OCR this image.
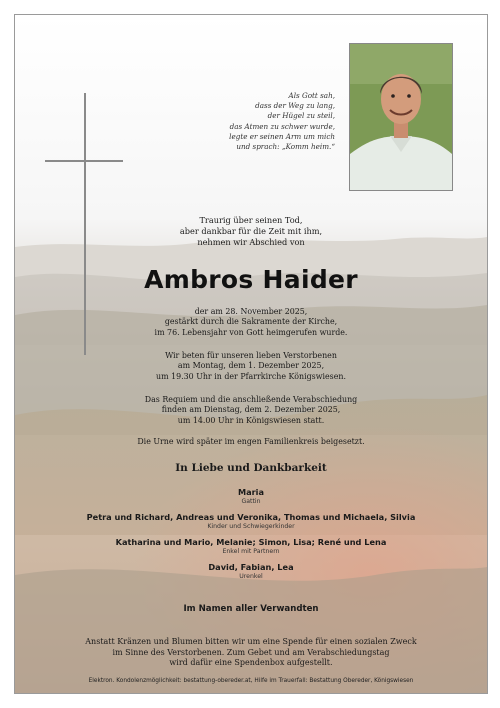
Als Gott sah,
dass der Weg zu lang,
der Hügel zu steil,
das Atmen zu schwer wurde,
legte er seinen Arm um mich
und sprach: „Komm heim.“
Traurig über seinen Tod,
aber dankbar für die Zeit mit ihm,
nehmen wir Abschied von
Ambros Haider
der am 28. November 2025,
gestärkt durch die Sakramente der Kirche,
im 76. Lebensjahr von Gott heimgerufen wurde.
Wir beten für unseren lieben Verstorbenen
am Montag, dem 1. Dezember 2025,
um 19.30 Uhr in der Pfarrkirche Königswiesen.
Das Requiem und die anschließende Verabschiedung
finden am Dienstag, dem 2. Dezember 2025,
um 14.00 Uhr in Königswiesen statt.
Die Urne wird später im engen Familienkreis beigesetzt.
In Liebe und Dankbarkeit
Maria
Gattin
Petra und Richard, Andreas und Veronika, Thomas und Michaela, Silvia
Kinder und Schwiegerkinder
Katharina und Mario, Melanie; Simon, Lisa; René und Lena
Enkel mit Partnern
David, Fabian, Lea
Urenkel
Im Namen aller Verwandten
Anstatt Kränzen und Blumen bitten wir um eine Spende für einen sozialen Zweck
im Sinne des Verstorbenen. Zum Gebet und am Verabschiedungstag
wird dafür eine Spendenbox aufgestellt.
Elektron. Kondolenzmöglichkeit: bestattung-obereder.at, Hilfe im Trauerfall: Bestattung Obereder, Königswiesen
